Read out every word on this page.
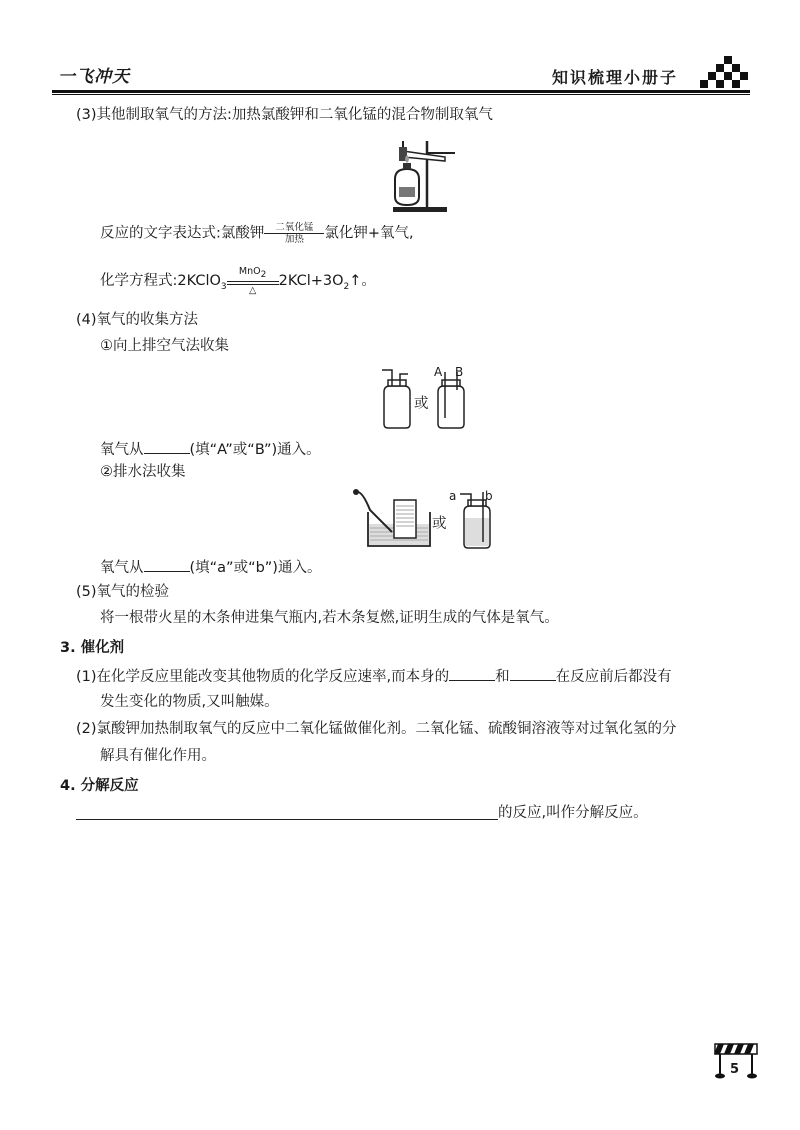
一飞冲天	知识梳理小册子
(3)其他制取氧气的方法:加热氯酸钾和二氧化锰的混合物制取氧气
反应的文字表达式:氯酸钾	二氧化锰
加热	氯化钾+氧气,
化学方程式:2KClO$_3$
MnO$_2$
△
$2KCl+3O_2↑$。
(4)氧气的收集方法
①向上排空气法收集
或
A B
氧气从	(填“A”或“B”)通入。
②排水法收集
或
a b
氧气从	(填“a”或“b”)通入。
(5)氧气的检验
将一根带火星的木条伸进集气瓶内,若木条复燃,证明生成的气体是氧气。
3. 催化剂
(1)在化学反应里能改变其他物质的化学反应速率,而本身的	和	在反应前后都没有
发生变化的物质,又叫触媒。
(2)氯酸钾加热制取氧气的反应中二氧化锰做催化剂。二氧化锰、硫酸铜溶液等对过氧化氢的分
解具有催化作用。
4. 分解反应
的反应,叫作分解反应。
5
